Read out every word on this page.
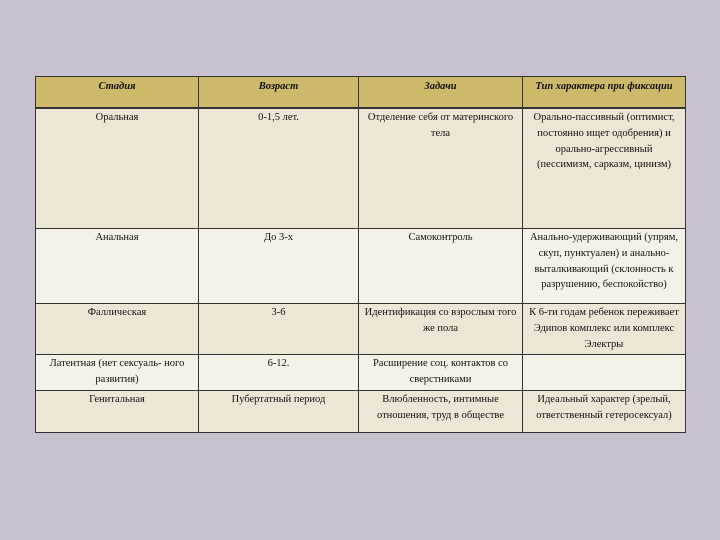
Стадия	Возраст	Задачи	Тип характера при фиксации
Оральная	0-1,5 лет.	Отделение себя от материнского тела	Орально-пассивный (оптимист, постоянно ищет одобрения) и орально-агрессивный (пессимизм, сарказм, цинизм)
Анальная	До 3-х	Самоконтроль	Анально-удерживающий (упрям, скуп, пунктуален) и анально-выталкивающий (склонность к разрушению, беспокойство)
Фаллическая	3-6	Идентификация со взрослым того же пола	К 6-ти годам ребенок переживает Эдипов комплекс или комплекс Электры
Латентная (нет сексуаль- ного развития)	6-12.	Расширение соц. контактов со сверстниками	
Генитальная	Пубертатный период	Влюбленность, интимные отношения, труд в обществе	Идеальный характер (зрелый, ответственный гетеросексуал)
